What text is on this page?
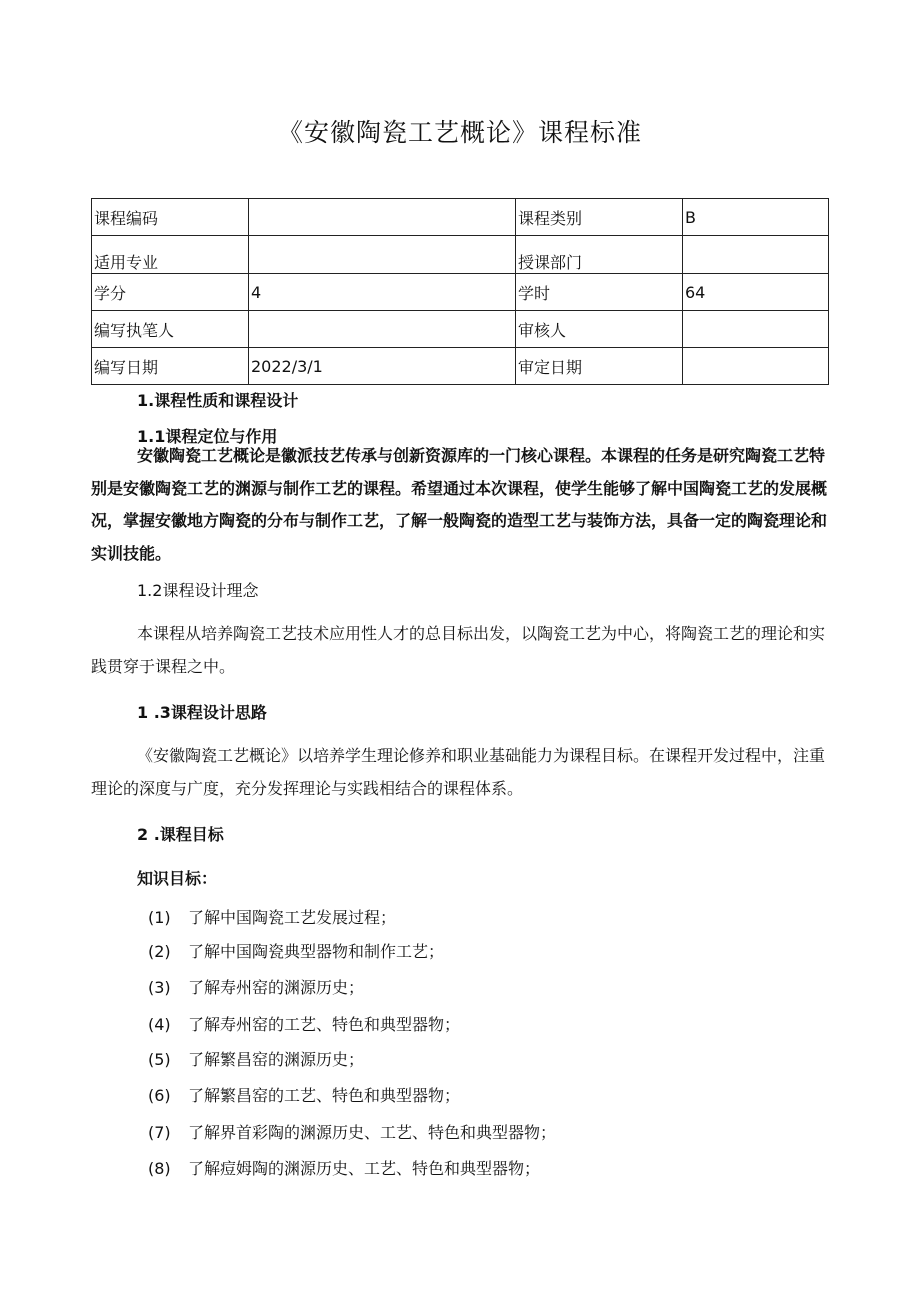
《安徽陶瓷工艺概论》课程标准
课程编码		课程类别	B
适用专业		授课部门	
学分	4	学时	64
编写执笔人		审核人	
编写日期	2022/3/1	审定日期	
1.课程性质和课程设计
1.1课程定位与作用
安徽陶瓷工艺概论是徽派技艺传承与创新资源库的一门核心课程。本课程的任务是研究陶瓷工艺特别是安徽陶瓷工艺的渊源与制作工艺的课程。希望通过本次课程，使学生能够了解中国陶瓷工艺的发展概况，掌握安徽地方陶瓷的分布与制作工艺，了解一般陶瓷的造型工艺与装饰方法，具备一定的陶瓷理论和实训技能。
1.2课程设计理念
本课程从培养陶瓷工艺技术应用性人才的总目标出发，以陶瓷工艺为中心，将陶瓷工艺的理论和实践贯穿于课程之中。
1 .3课程设计思路
《安徽陶瓷工艺概论》以培养学生理论修养和职业基础能力为课程目标。在课程开发过程中，注重理论的深度与广度，充分发挥理论与实践相结合的课程体系。
2 .课程目标
知识目标：
(1) 了解中国陶瓷工艺发展过程；
(2) 了解中国陶瓷典型器物和制作工艺；
(3) 了解寿州窑的渊源历史；
(4) 了解寿州窑的工艺、特色和典型器物；
(5) 了解繁昌窑的渊源历史；
(6) 了解繁昌窑的工艺、特色和典型器物；
(7) 了解界首彩陶的渊源历史、工艺、特色和典型器物；
(8) 了解痘姆陶的渊源历史、工艺、特色和典型器物；
